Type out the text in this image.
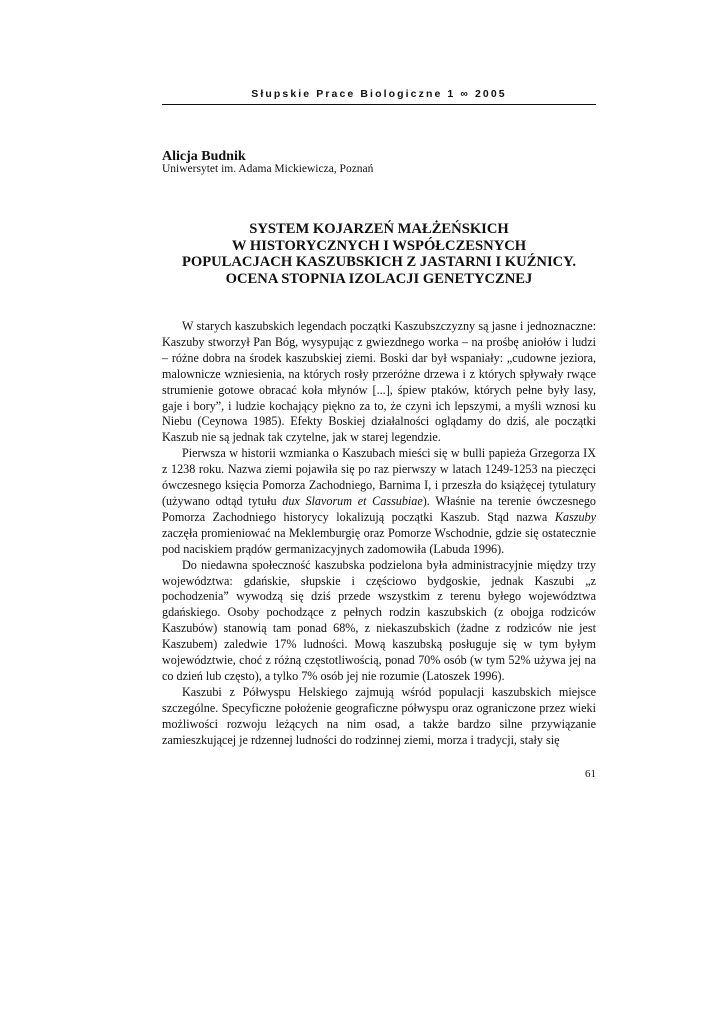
Słupskie Prace Biologiczne 1 ∞ 2005
Alicja Budnik
Uniwersytet im. Adama Mickiewicza, Poznań
SYSTEM KOJARZEŃ MAŁŻEŃSKICH
W HISTORYCZNYCH I WSPÓŁCZESNYCH
POPULACJACH KASZUBSKICH Z JASTARNI I KUŹNICY.
OCENA STOPNIA IZOLACJI GENETYCZNEJ

W starych kaszubskich legendach początki Kaszubszczyzny są jasne i jednoznaczne: Kaszuby stworzył Pan Bóg, wysypując z gwiezdnego worka – na prośbę aniołów i ludzi – różne dobra na środek kaszubskiej ziemi. Boski dar był wspaniały: „cudowne jeziora, malownicze wzniesienia, na których rosły przeróżne drzewa i z których spływały rwące strumienie gotowe obracać koła młynów [...], śpiew ptaków, których pełne były lasy, gaje i bory”, i ludzie kochający piękno za to, że czyni ich lepszymi, a myśli wznosi ku Niebu (Ceynowa 1985). Efekty Boskiej działalności oglądamy do dziś, ale początki Kaszub nie są jednak tak czytelne, jak w starej legendzie.

Pierwsza w historii wzmianka o Kaszubach mieści się w bulli papieża Grzegorza IX z 1238 roku. Nazwa ziemi pojawiła się po raz pierwszy w latach 1249-1253 na pieczęci ówczesnego księcia Pomorza Zachodniego, Barnima I, i przeszła do książęcej tytulatury (używano odtąd tytułu dux Slavorum et Cassubiae). Właśnie na terenie ówczesnego Pomorza Zachodniego historycy lokalizują początki Kaszub. Stąd nazwa Kaszuby zaczęła promieniować na Meklemburgię oraz Pomorze Wschodnie, gdzie się ostatecznie pod naciskiem prądów germanizacyjnych zadomowiła (Labuda 1996).

Do niedawna społeczność kaszubska podzielona była administracyjnie między trzy województwa: gdańskie, słupskie i częściowo bydgoskie, jednak Kaszubi „z pochodzenia” wywodzą się dziś przede wszystkim z terenu byłego województwa gdańskiego. Osoby pochodzące z pełnych rodzin kaszubskich (z obojga rodziców Kaszubów) stanowią tam ponad 68%, z niekaszubskich (żadne z rodziców nie jest Kaszubem) zaledwie 17% ludności. Mową kaszubską posługuje się w tym byłym województwie, choć z różną częstotliwością, ponad 70% osób (w tym 52% używa jej na co dzień lub często), a tylko 7% osób jej nie rozumie (Latoszek 1996).

Kaszubi z Półwyspu Helskiego zajmują wśród populacji kaszubskich miejsce szczególne. Specyficzne położenie geograficzne półwyspu oraz ograniczone przez wieki możliwości rozwoju leżących na nim osad, a także bardzo silne przywiązanie zamieszkującej je rdzennej ludności do rodzinnej ziemi, morza i tradycji, stały się

61
